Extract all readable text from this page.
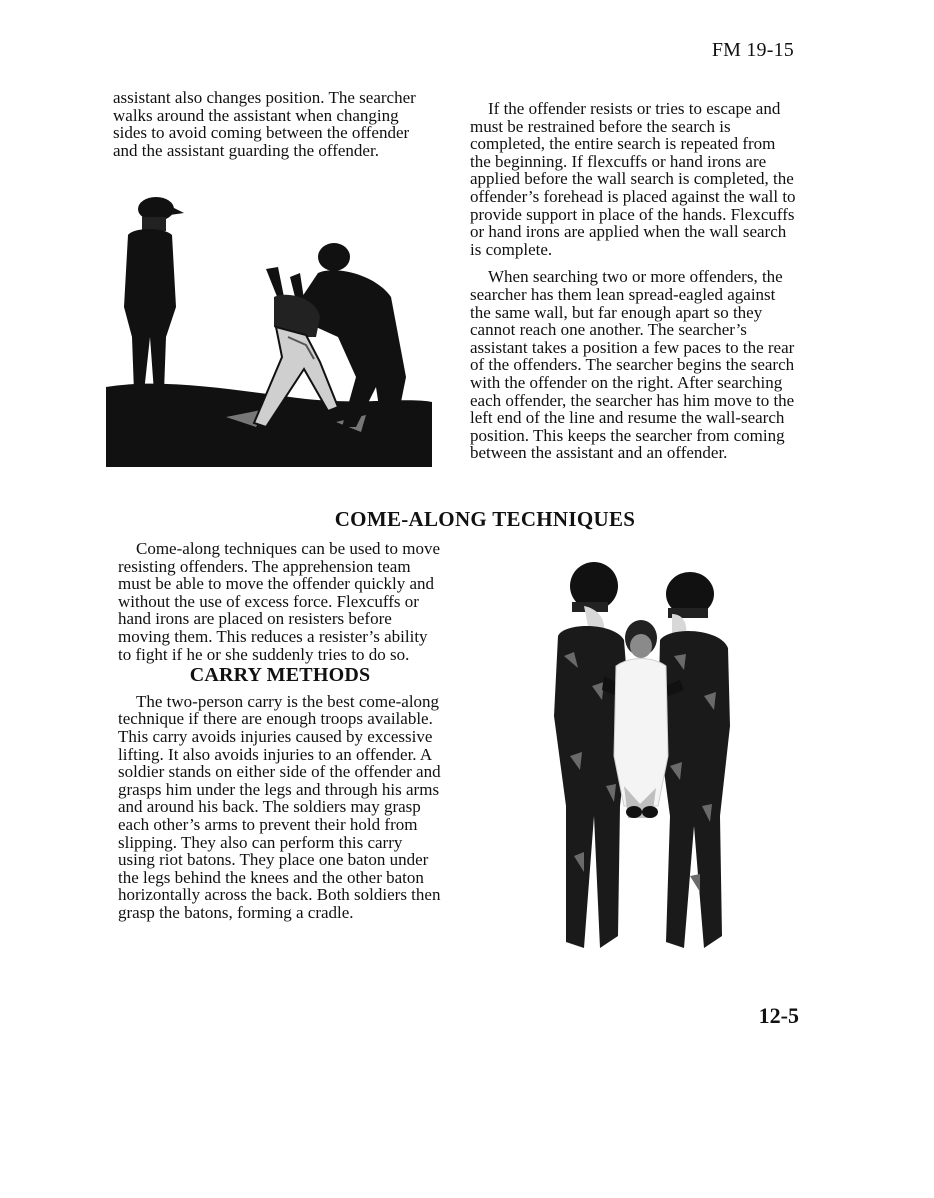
FM 19-15

assistant also changes position. The searcher walks around the assistant when changing sides to avoid coming between the offender and the assistant guarding the offender.

If the offender resists or tries to escape and must be restrained before the search is completed, the entire search is repeated from the beginning. If flexcuffs or hand irons are applied before the wall search is completed, the offender’s forehead is placed against the wall to provide support in place of the hands. Flexcuffs or hand irons are applied when the wall search is complete.

When searching two or more offenders, the searcher has them lean spread-eagled against the same wall, but far enough apart so they cannot reach one another. The searcher’s assistant takes a position a few paces to the rear of the offenders. The searcher begins the search with the offender on the right. After searching each offender, the searcher has him move to the left end of the line and resume the wall-search position. This keeps the searcher from coming between the assistant and an offender.

COME-ALONG TECHNIQUES

Come-along techniques can be used to move resisting offenders. The apprehension team must be able to move the offender quickly and without the use of excess force. Flexcuffs or hand irons are placed on resisters before moving them. This reduces a resister’s ability to fight if he or she suddenly tries to do so.

CARRY METHODS

The two-person carry is the best come-along technique if there are enough troops available. This carry avoids injuries caused by excessive lifting. It also avoids injuries to an offender. A soldier stands on either side of the offender and grasps him under the legs and through his arms and around his back. The soldiers may grasp each other’s arms to prevent their hold from slipping. They also can perform this carry using riot batons. They place one baton under the legs behind the knees and the other baton horizontally across the back. Both soldiers then grasp the batons, forming a cradle.

12-5
